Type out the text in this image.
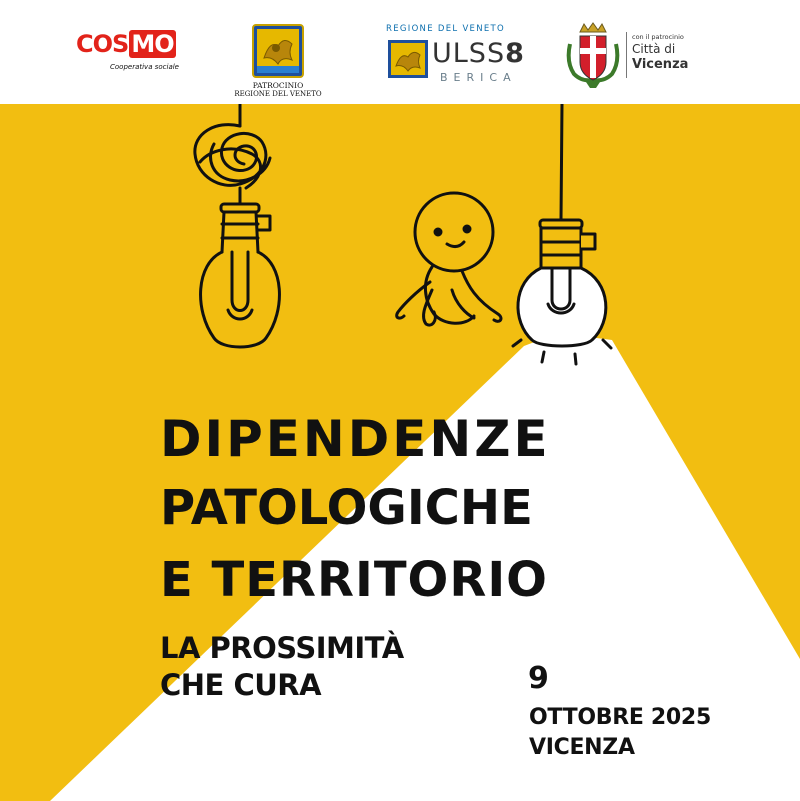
COS MO
Cooperativa sociale
PATROCINIO
REGIONE DEL VENETO
REGIONE DEL VENETO
ULSS8
BERICA
con il patrocinio
Città di
Vicenza
DIPENDENZE
PATOLOGICHE
E TERRITORIO
LA PROSSIMITÀ
CHE CURA	9
OTTOBRE 2025
VICENZA
